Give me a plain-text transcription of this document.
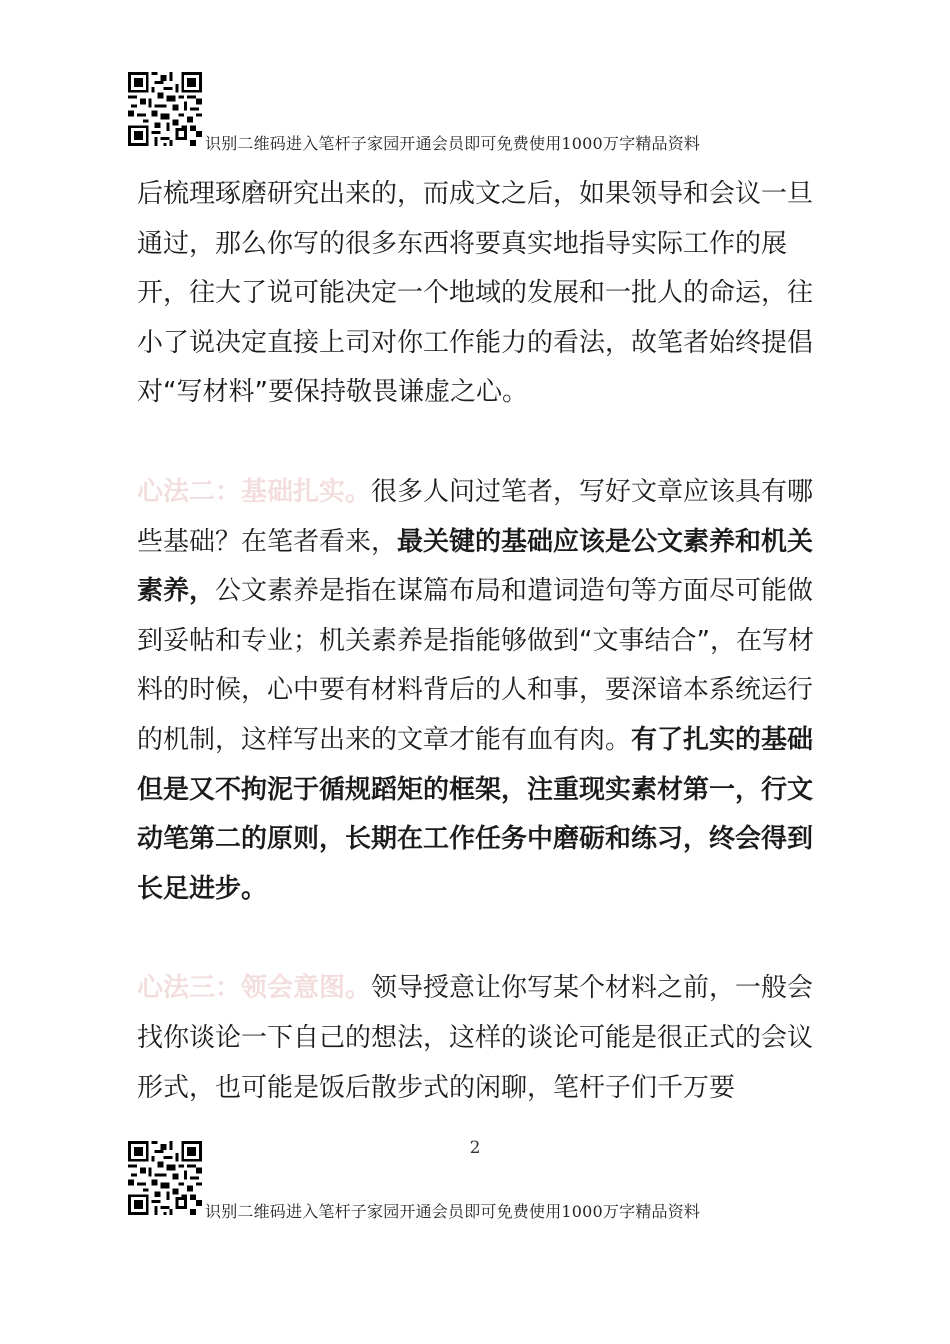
识别二维码进入笔杆子家园开通会员即可免费使用1000万字精品资料

后梳理琢磨研究出来的，而成文之后，如果领导和会议一旦通过，那么你写的很多东西将要真实地指导实际工作的展开，往大了说可能决定一个地域的发展和一批人的命运，往小了说决定直接上司对你工作能力的看法，故笔者始终提倡对“写材料”要保持敬畏谦虚之心。

心法二：基础扎实。很多人问过笔者，写好文章应该具有哪些基础？在笔者看来，最关键的基础应该是公文素养和机关素养，公文素养是指在谋篇布局和遣词造句等方面尽可能做到妥帖和专业；机关素养是指能够做到“文事结合”，在写材料的时候，心中要有材料背后的人和事，要深谙本系统运行的机制，这样写出来的文章才能有血有肉。有了扎实的基础但是又不拘泥于循规蹈矩的框架，注重现实素材第一，行文动笔第二的原则，长期在工作任务中磨砺和练习，终会得到长足进步。

心法三：领会意图。领导授意让你写某个材料之前，一般会找你谈论一下自己的想法，这样的谈论可能是很正式的会议形式，也可能是饭后散步式的闲聊，笔杆子们千万要

2
识别二维码进入笔杆子家园开通会员即可免费使用1000万字精品资料
